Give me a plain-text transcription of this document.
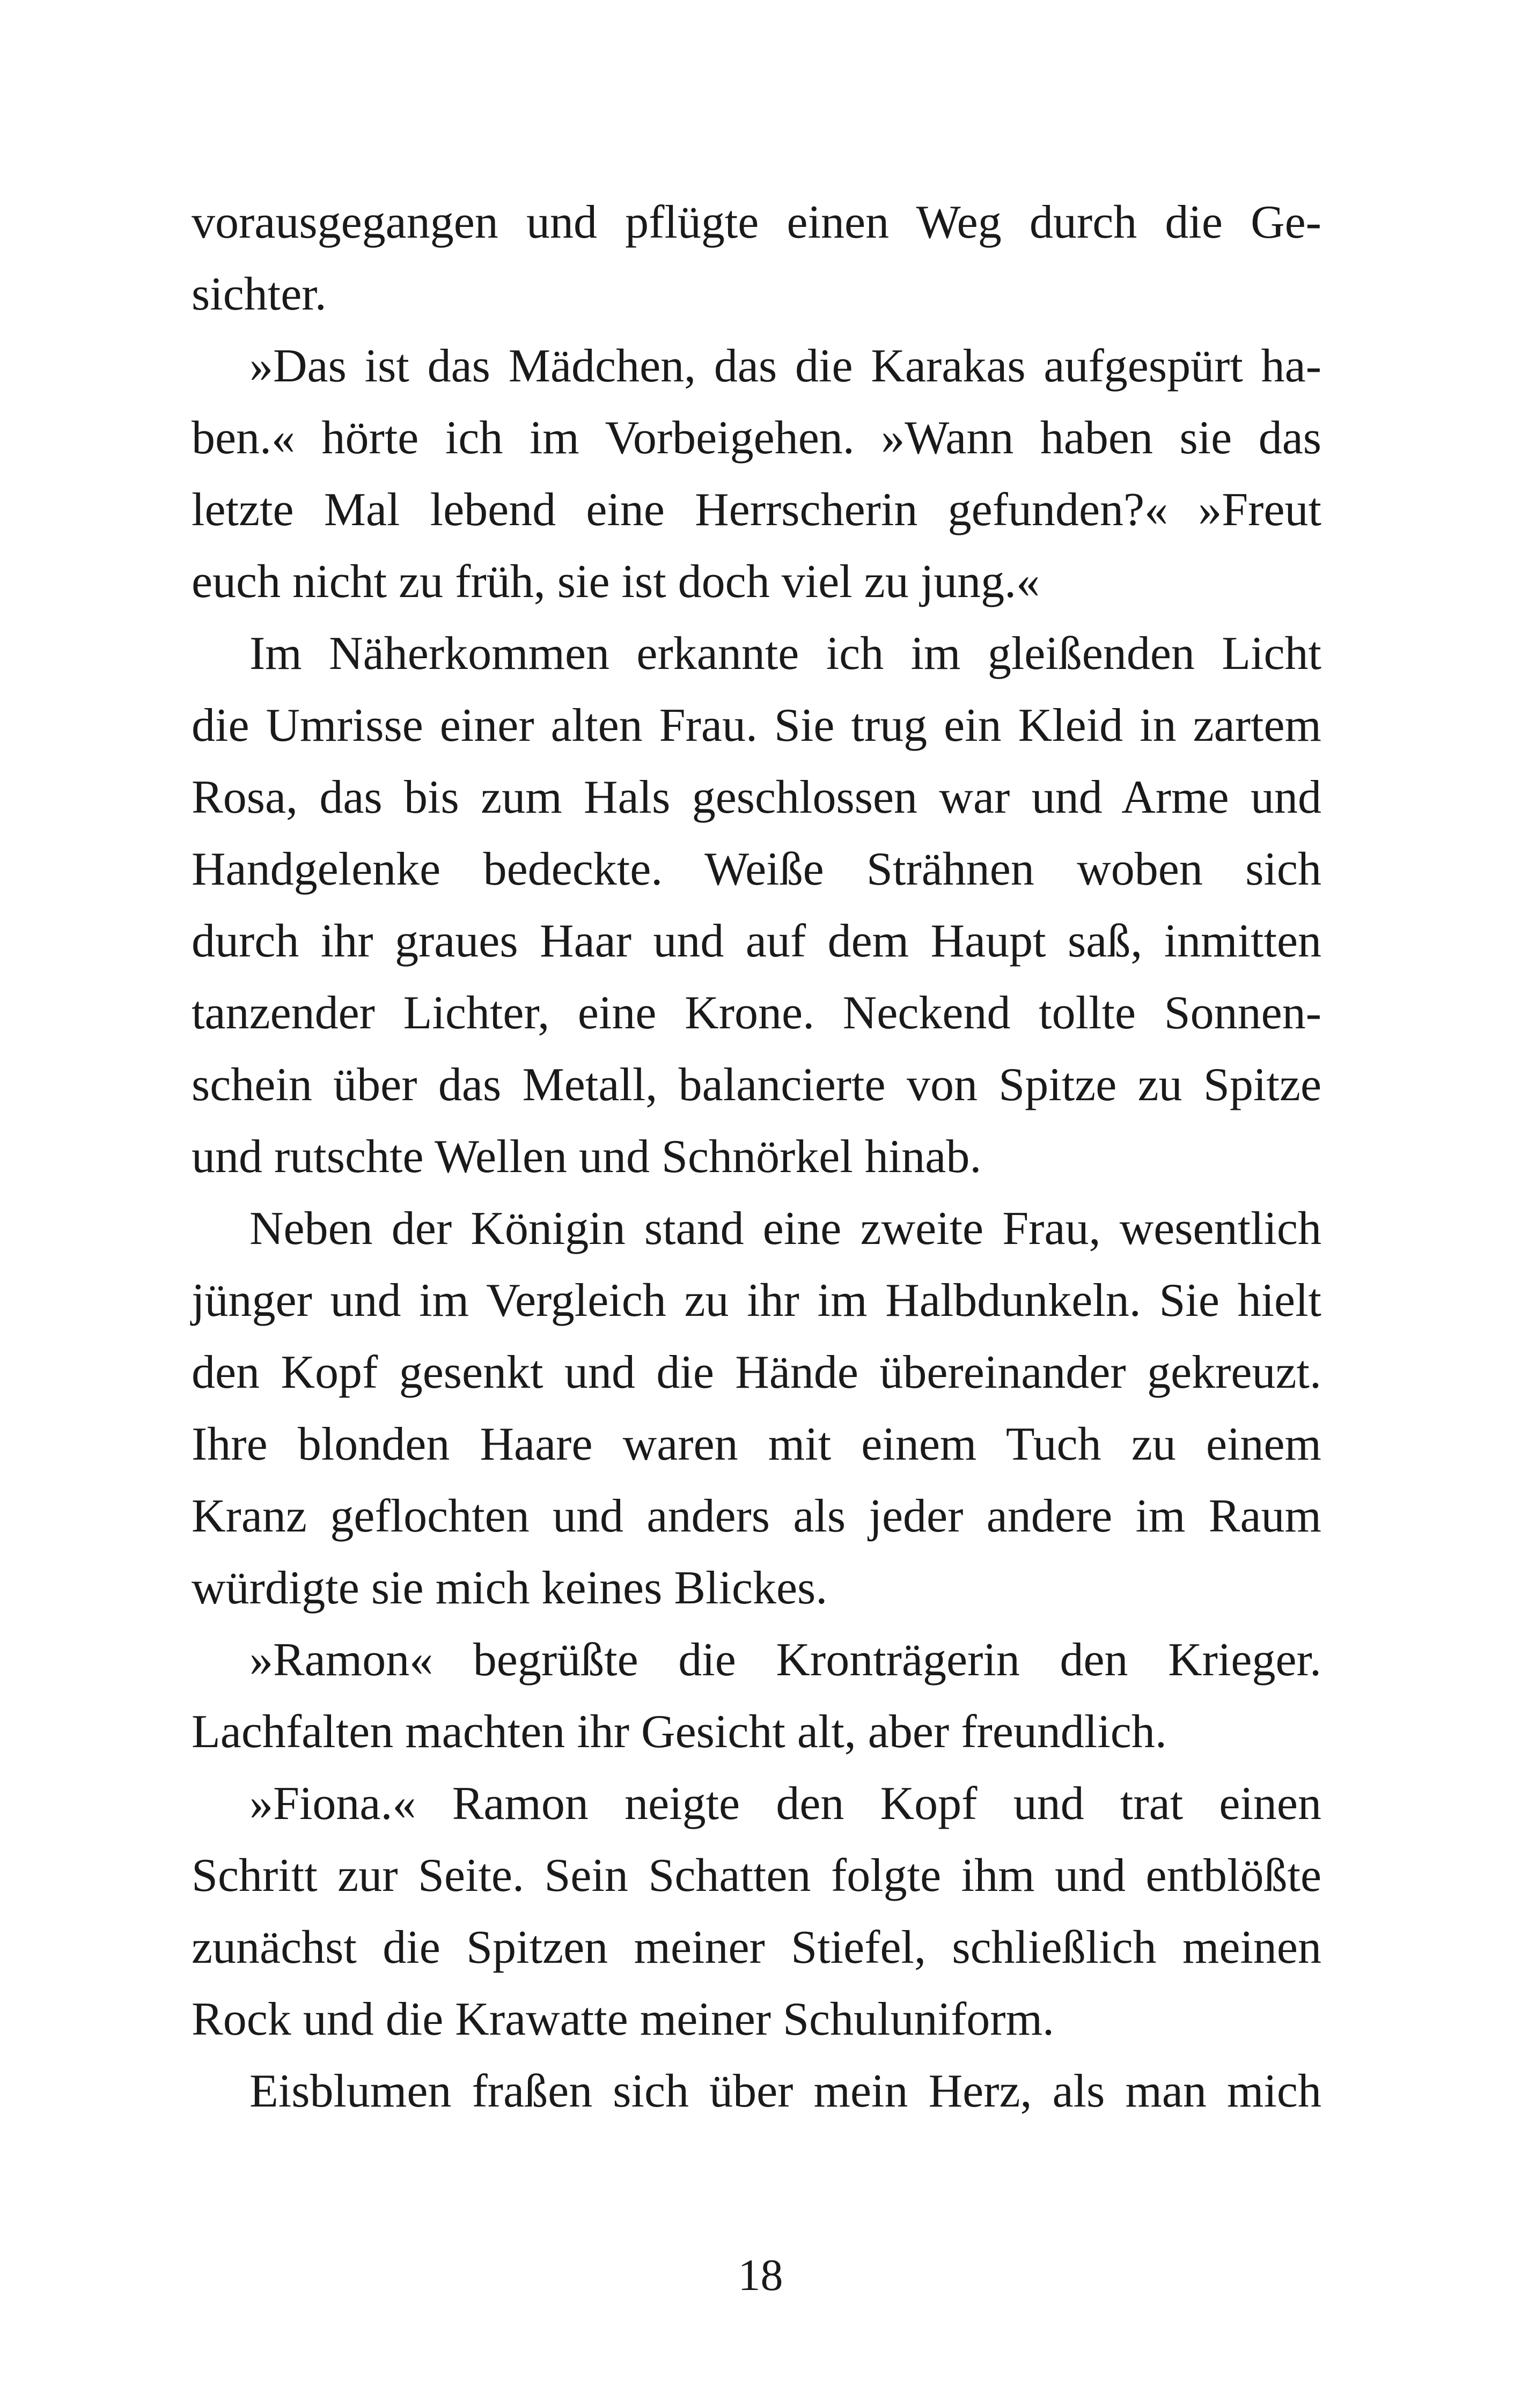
vorausgegangen und pflügte einen Weg durch die Ge-
sichter.
»Das ist das Mädchen, das die Karakas aufgespürt ha-
ben.« hörte ich im Vorbeigehen. »Wann haben sie das
letzte Mal lebend eine Herrscherin gefunden?« »Freut
euch nicht zu früh, sie ist doch viel zu jung.«
Im Näherkommen erkannte ich im gleißenden Licht
die Umrisse einer alten Frau. Sie trug ein Kleid in zartem
Rosa, das bis zum Hals geschlossen war und Arme und
Handgelenke bedeckte. Weiße Strähnen woben sich
durch ihr graues Haar und auf dem Haupt saß, inmitten
tanzender Lichter, eine Krone. Neckend tollte Sonnen-
schein über das Metall, balancierte von Spitze zu Spitze
und rutschte Wellen und Schnörkel hinab.
Neben der Königin stand eine zweite Frau, wesentlich
jünger und im Vergleich zu ihr im Halbdunkeln. Sie hielt
den Kopf gesenkt und die Hände übereinander gekreuzt.
Ihre blonden Haare waren mit einem Tuch zu einem
Kranz geflochten und anders als jeder andere im Raum
würdigte sie mich keines Blickes.
»Ramon« begrüßte die Kronträgerin den Krieger.
Lachfalten machten ihr Gesicht alt, aber freundlich.
»Fiona.« Ramon neigte den Kopf und trat einen
Schritt zur Seite. Sein Schatten folgte ihm und entblößte
zunächst die Spitzen meiner Stiefel, schließlich meinen
Rock und die Krawatte meiner Schuluniform.
Eisblumen fraßen sich über mein Herz, als man mich
18
